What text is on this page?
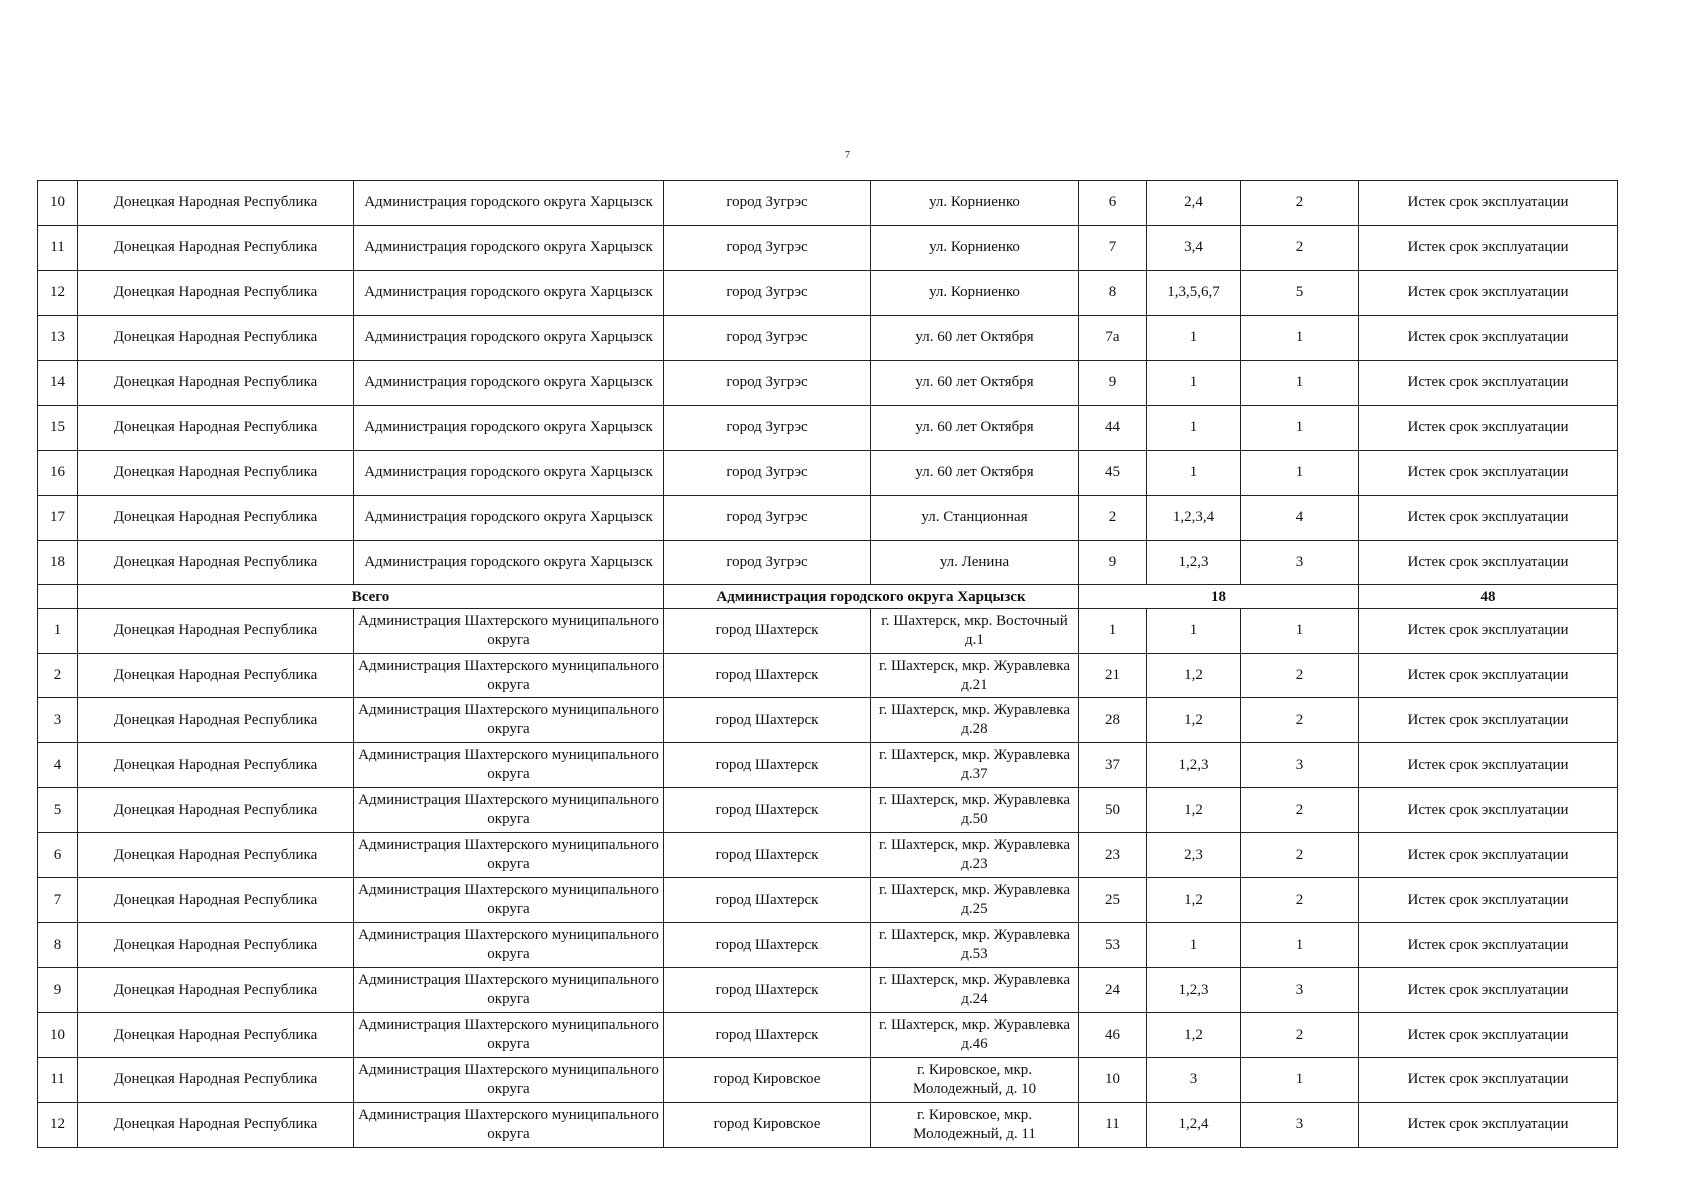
7
10	Донецкая Народная Республика	Администрация городского округа Харцызск	город Зугрэс	ул. Корниенко	6	2,4	2	Истек срок эксплуатации	
11	Донецкая Народная Республика	Администрация городского округа Харцызск	город Зугрэс	ул. Корниенко	7	3,4	2	Истек срок эксплуатации	
12	Донецкая Народная Республика	Администрация городского округа Харцызск	город Зугрэс	ул. Корниенко	8	1,3,5,6,7	5	Истек срок эксплуатации	
13	Донецкая Народная Республика	Администрация городского округа Харцызск	город Зугрэс	ул. 60 лет Октября	7а	1	1	Истек срок эксплуатации	
14	Донецкая Народная Республика	Администрация городского округа Харцызск	город Зугрэс	ул. 60 лет Октября	9	1	1	Истек срок эксплуатации	
15	Донецкая Народная Республика	Администрация городского округа Харцызск	город Зугрэс	ул. 60 лет Октября	44	1	1	Истек срок эксплуатации	
16	Донецкая Народная Республика	Администрация городского округа Харцызск	город Зугрэс	ул. 60 лет Октября	45	1	1	Истек срок эксплуатации	
17	Донецкая Народная Республика	Администрация городского округа Харцызск	город Зугрэс	ул. Станционная	2	1,2,3,4	4	Истек срок эксплуатации	
18	Донецкая Народная Республика	Администрация городского округа Харцызск	город Зугрэс	ул. Ленина	9	1,2,3	3	Истек срок эксплуатации	
	Всего		Администрация городского округа Харцызск		18			48	
1	Донецкая Народная Республика	Администрация Шахтерского муниципального округа	город Шахтерск	г. Шахтерск, мкр. Восточный д.1	1	1	1	Истек срок эксплуатации	
2	Донецкая Народная Республика	Администрация Шахтерского муниципального округа	город Шахтерск	г. Шахтерск, мкр. Журавлевка д.21	21	1,2	2	Истек срок эксплуатации	
3	Донецкая Народная Республика	Администрация Шахтерского муниципального округа	город Шахтерск	г. Шахтерск, мкр. Журавлевка д.28	28	1,2	2	Истек срок эксплуатации	
4	Донецкая Народная Республика	Администрация Шахтерского муниципального округа	город Шахтерск	г. Шахтерск, мкр. Журавлевка д.37	37	1,2,3	3	Истек срок эксплуатации	
5	Донецкая Народная Республика	Администрация Шахтерского муниципального округа	город Шахтерск	г. Шахтерск, мкр. Журавлевка д.50	50	1,2	2	Истек срок эксплуатации	
6	Донецкая Народная Республика	Администрация Шахтерского муниципального округа	город Шахтерск	г. Шахтерск, мкр. Журавлевка д.23	23	2,3	2	Истек срок эксплуатации	
7	Донецкая Народная Республика	Администрация Шахтерского муниципального округа	город Шахтерск	г. Шахтерск, мкр. Журавлевка д.25	25	1,2	2	Истек срок эксплуатации	
8	Донецкая Народная Республика	Администрация Шахтерского муниципального округа	город Шахтерск	г. Шахтерск, мкр. Журавлевка д.53	53	1	1	Истек срок эксплуатации	
9	Донецкая Народная Республика	Администрация Шахтерского муниципального округа	город Шахтерск	г. Шахтерск, мкр. Журавлевка д.24	24	1,2,3	3	Истек срок эксплуатации	
10	Донецкая Народная Республика	Администрация Шахтерского муниципального округа	город Шахтерск	г. Шахтерск, мкр. Журавлевка д.46	46	1,2	2	Истек срок эксплуатации	
11	Донецкая Народная Республика	Администрация Шахтерского муниципального округа	город Кировское	г. Кировское, мкр. Молодежный, д. 10	10	3	1	Истек срок эксплуатации	
12	Донецкая Народная Республика	Администрация Шахтерского муниципального округа	город Кировское	г. Кировское, мкр. Молодежный, д. 11	11	1,2,4	3	Истек срок эксплуатации	
